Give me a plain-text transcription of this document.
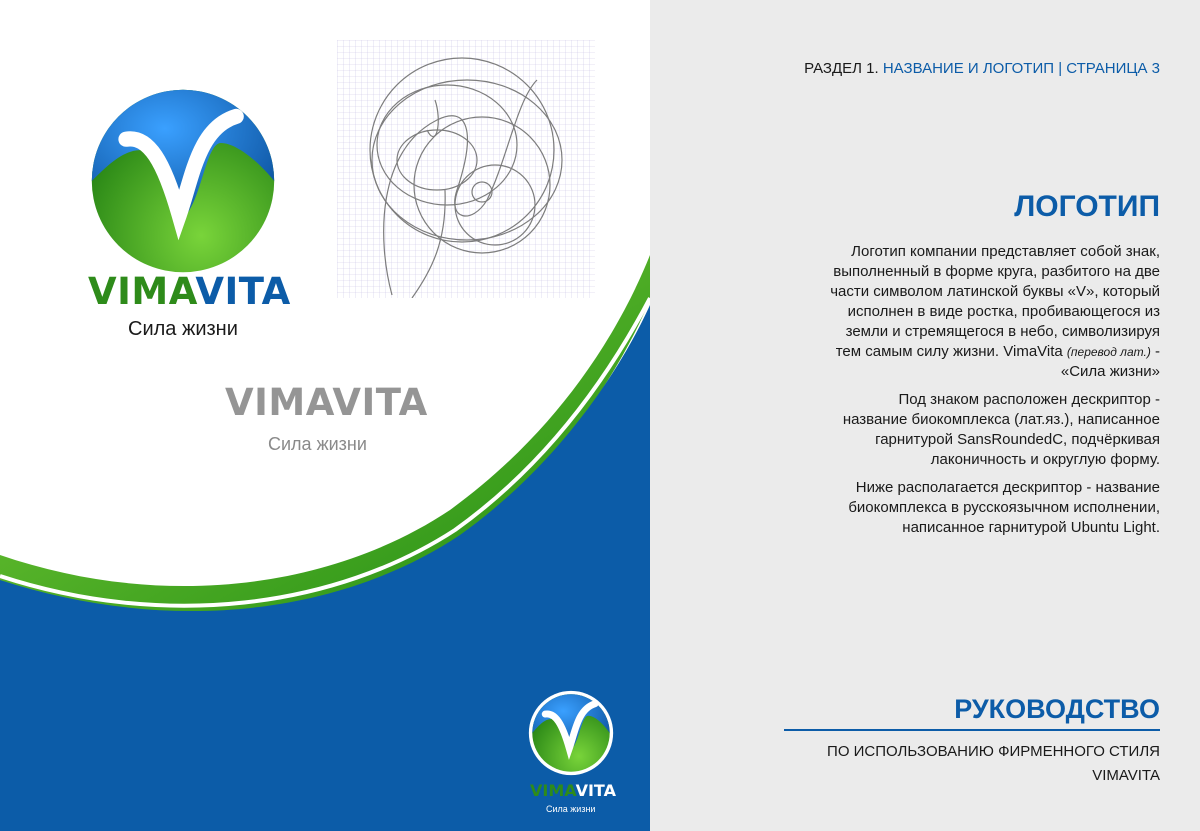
VIMAVITA
Сила жизни
VIMAVITA
Сила жизни
VIMAVITA
Сила жизни
РАЗДЕЛ 1. НАЗВАНИЕ И ЛОГОТИП | СТРАНИЦА 3
ЛОГОТИП

Логотип компании представляет собой знак, выполненный в форме круга, разбитого на две части символом латинской буквы «V», который исполнен в виде ростка, пробивающегося из земли и стремящегося в небо, символизируя тем самым силу жизни. VimaVita (перевод лат.) - «Сила жизни»

Под знаком расположен дескриптор - название биокомплекса (лат.яз.), написанное гарнитурой SansRoundedC, подчёркивая лаконичность и округлую форму.

Ниже располагается дескриптор - название биокомплекса в русскоязычном исполнении, написанное гарнитурой Ubuntu Light.

РУКОВОДСТВО
ПО ИСПОЛЬЗОВАНИЮ ФИРМЕННОГО СТИЛЯ
VIMAVITA
